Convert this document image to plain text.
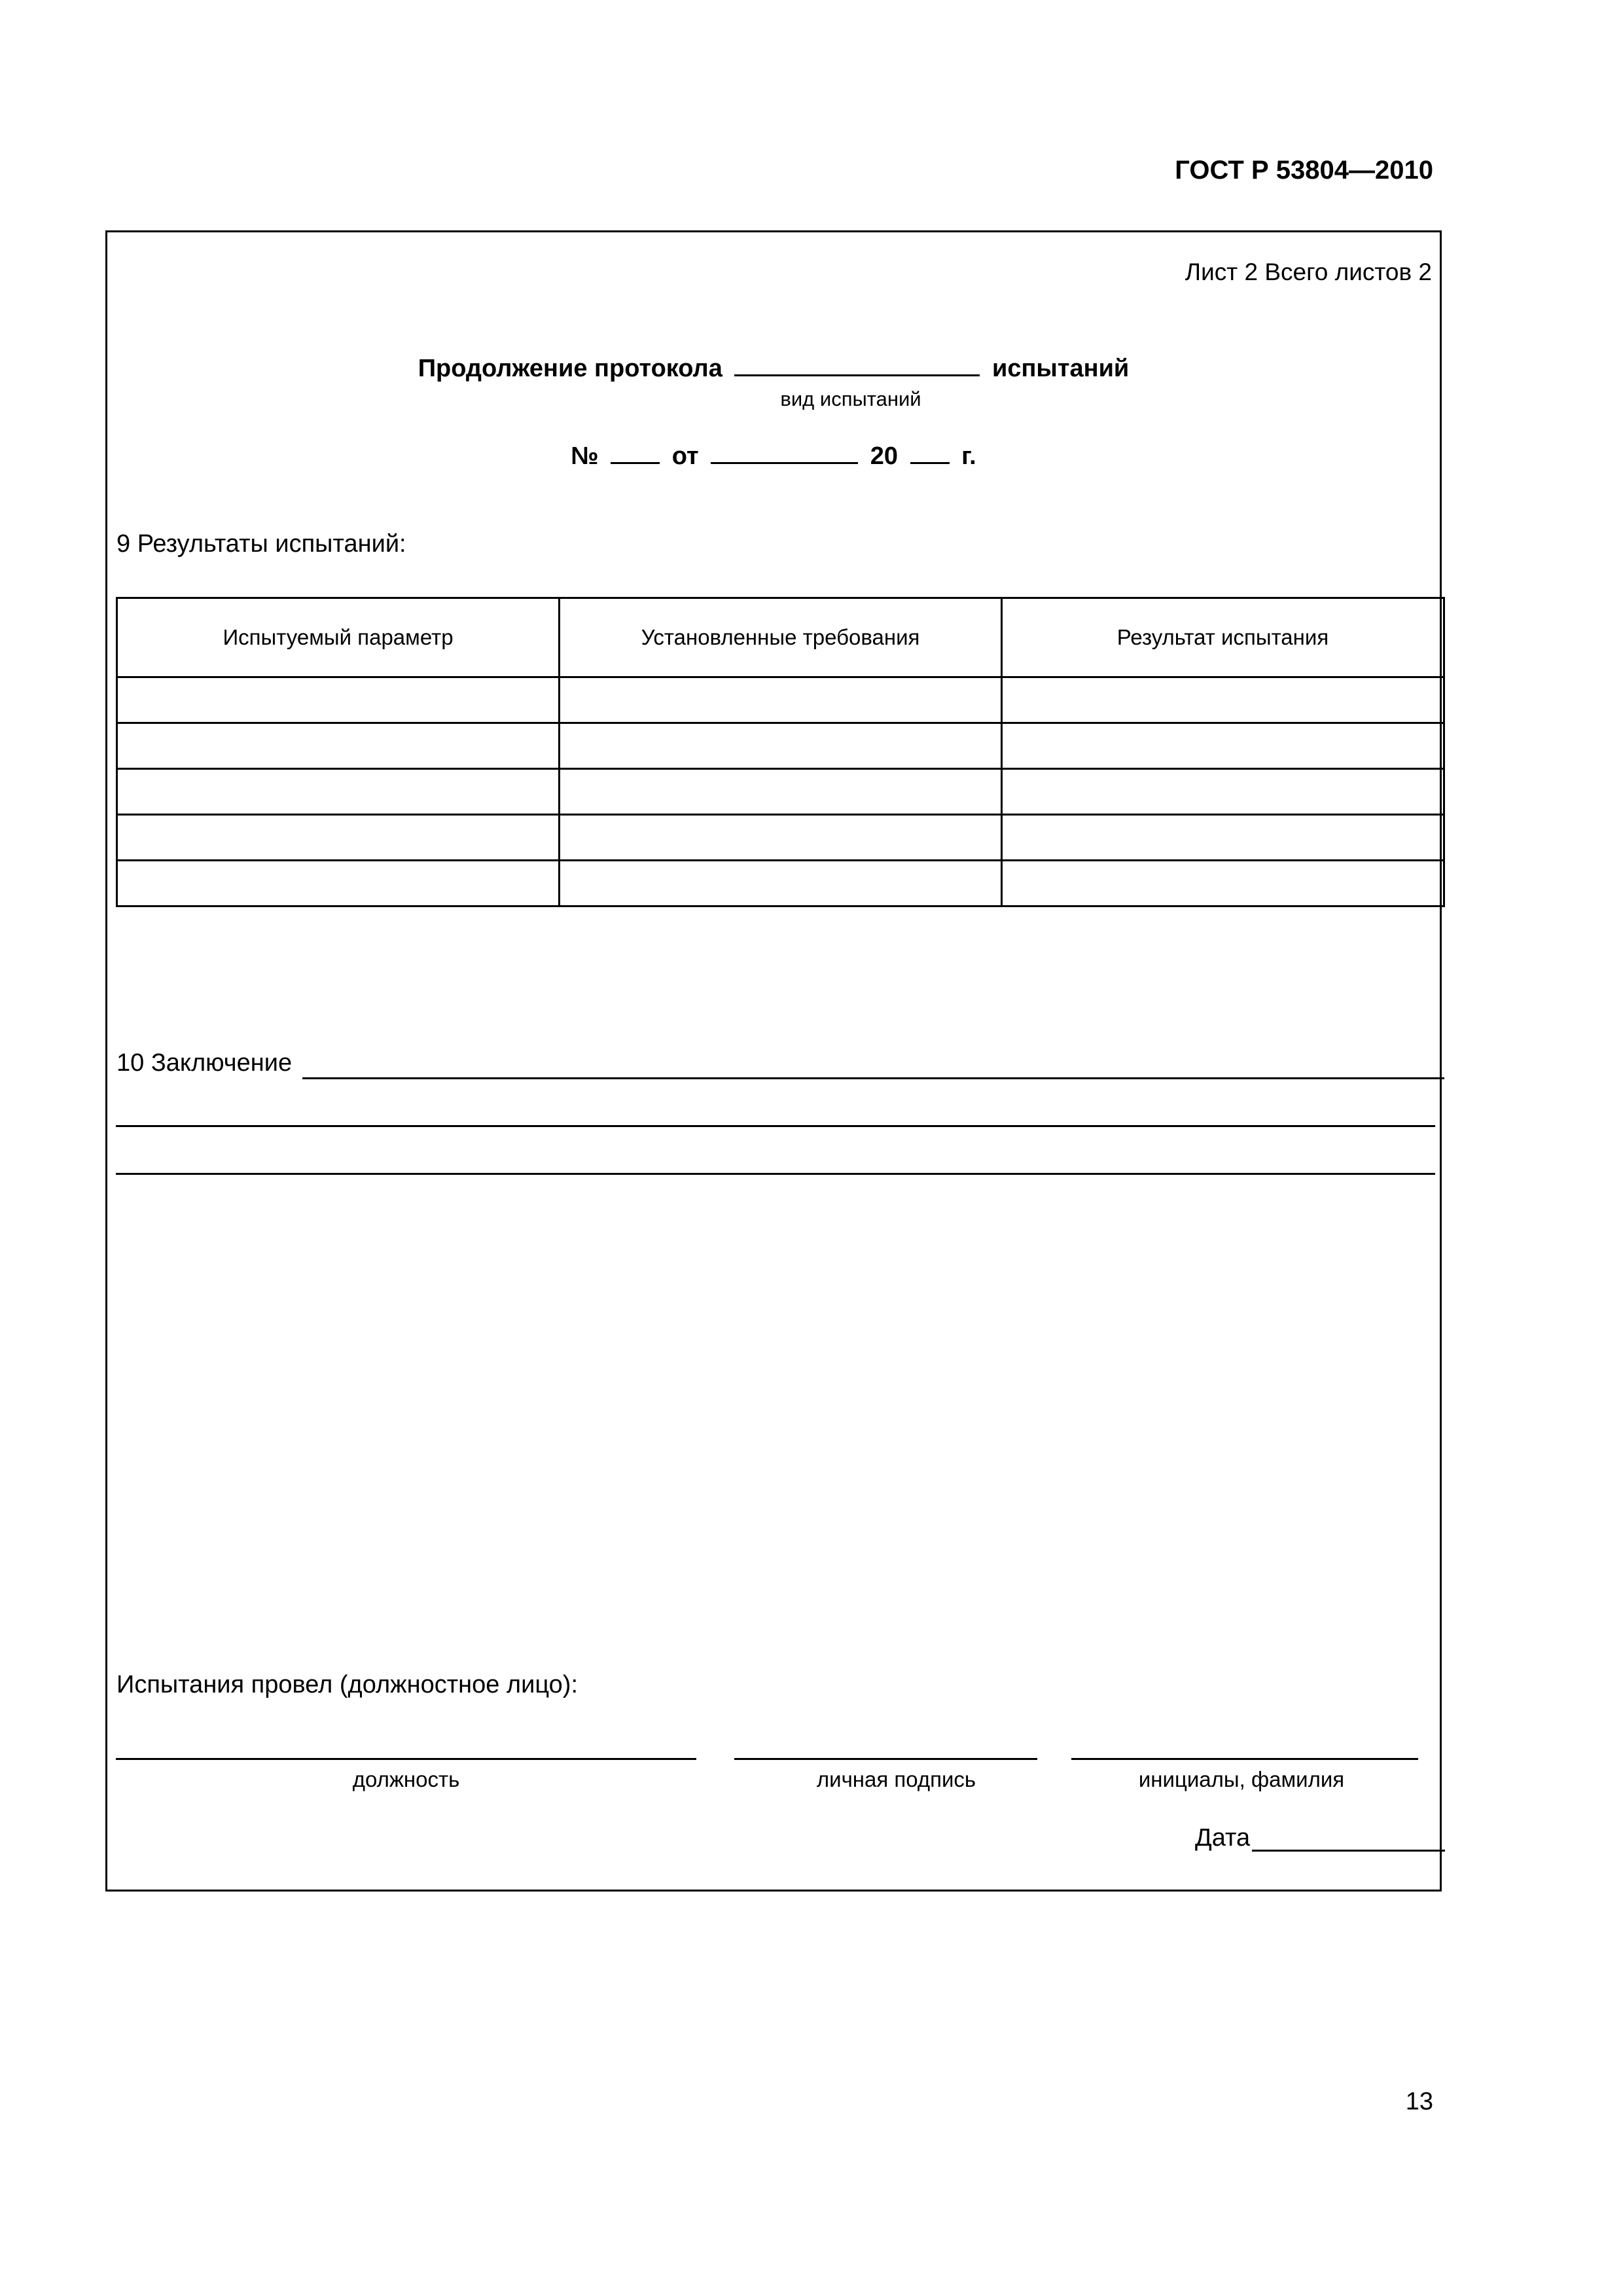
ГОСТ Р 53804—2010
Лист 2 Всего листов 2
Продолжение протокола	испытаний
вид испытаний
№	от	20	г.
9 Результаты испытаний:
Испытуемый параметр	Установленные требования	Результат испытания

10 Заключение
Испытания провел (должностное лицо):
должность	личная подпись	инициалы, фамилия
Дата
13
